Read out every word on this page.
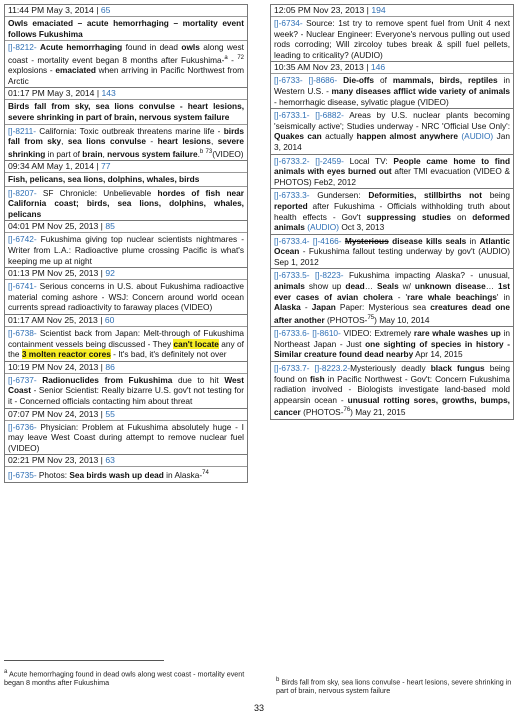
11:44 PM May 3, 2014 | 65
Owls emaciated – acute hemorrhaging – mortality event follows Fukushima
[]-8212- Acute hemorrhaging found in dead owls along west coast - mortality event began 8 months after Fukushima-$^a$ - $^{72}$ explosions - emaciated when arriving in Pacific Northwest from Arctic
01:17 PM May 3, 2014 | 143
Birds fall from sky, sea lions convulse - heart lesions, severe shrinking in part of brain, nervous system failure
[]-8211- California: Toxic outbreak threatens marine life - birds fall from sky, sea lions convulse - heart lesions, severe shrinking in part of brain, nervous system failure.$^b$ $^{73}$(VIDEO)
09:34 AM May 1, 2014 | 77
Fish, pelicans, sea lions, dolphins, whales, birds
[]-8207- SF Chronicle: Unbelievable hordes of fish near California coast; birds, sea lions, dolphins, whales, pelicans
04:01 PM Nov 25, 2013 | 85
[]-6742- Fukushima giving top nuclear scientists nightmares - Writer from L.A.: Radioactive plume crossing Pacific is what's keeping me up at night
01:13 PM Nov 25, 2013 | 92
[]-6741- Serious concerns in U.S. about Fukushima radioactive material coming ashore - WSJ: Concern around world ocean currents spread radioactivity to faraway places (VIDEO)
01:17 AM Nov 25, 2013 | 60
[]-6738- Scientist back from Japan: Melt-through of Fukushima containment vessels being discussed - They can't locate any of the 3 molten reactor cores - It's bad, it's definitely not over
10:19 PM Nov 24, 2013 | 86
[]-6737- Radionuclides from Fukushima due to hit West Coast - Senior Scientist: Really bizarre U.S. gov't not testing for it - Concerned officials contacting him about threat
07:07 PM Nov 24, 2013 | 55
[]-6736- Physician: Problem at Fukushima absolutely huge - I may leave West Coast during attempt to remove nuclear fuel (VIDEO)
02:21 PM Nov 23, 2013 | 63
[]-6735- Photos: Sea birds wash up dead in Alaska-$^{74}$
12:05 PM Nov 23, 2013 | 194
[]-6734- Source: 1st try to remove spent fuel from Unit 4 next week? - Nuclear Engineer: Everyone's nervous pulling out used rods corroding; Will zircoloy tubes break & spill fuel pellets, leading to criticality? (AUDIO)
10:35 AM Nov 23, 2013 | 146
[]-6733- []-8686- Die-offs of mammals, birds, reptiles in Western U.S. - many diseases afflict wide variety of animals - hemorrhagic disease, sylvatic plague (VIDEO)
[]-6733.1- []-6882- Areas by U.S. nuclear plants becoming 'seismically active'; Studies underway - NRC 'Official Use Only': Quakes can actually happen almost anywhere (AUDIO) Jan 3, 2014
[]-6733.2- []-2459- Local TV: People came home to find animals with eyes burned out after TMI evacuation (VIDEO & PHOTOS) Feb2, 2012
[]-6733.3- Gundersen: Deformities, stillbirths not being reported after Fukushima - Officials withholding truth about health effects - Gov't suppressing studies on deformed animals (AUDIO) Oct 3, 2013
[]-6733.4- []-4166- Mysterious disease kills seals in Atlantic Ocean - Fukushima fallout testing underway by gov't (AUDIO) Sep 1, 2012
[]-6733.5- []-8223- Fukushima impacting Alaska? - unusual, animals show up dead… Seals w/ unknown disease… 1st ever cases of avian cholera - 'rare whale beachings' in Alaska - Japan Paper: Mysterious sea creatures dead one after another (PHOTOS-$^{75}$) May 10, 2014
[]-6733.6- []-8610- VIDEO: Extremely rare whale washes up in Northeast Japan - Just one sighting of species in history - Similar creature found dead nearby Apr 14, 2015
[]-6733.7- []-8223.2-Mysteriously deadly black fungus being found on fish in Pacific Northwest - Gov't: Concern Fukushima radiation involved - Biologists investigate land-based mold appearsin ocean - unusual rotting sores, growths, bumps, cancer (PHOTOS-$^{76}$) May 21, 2015
$^a$ Acute hemorrhaging found in dead owls along west coast - mortality event began 8 months after Fukushima	$^b$ Birds fall from sky, sea lions convulse - heart lesions, severe shrinking in part of brain, nervous system failure
33
